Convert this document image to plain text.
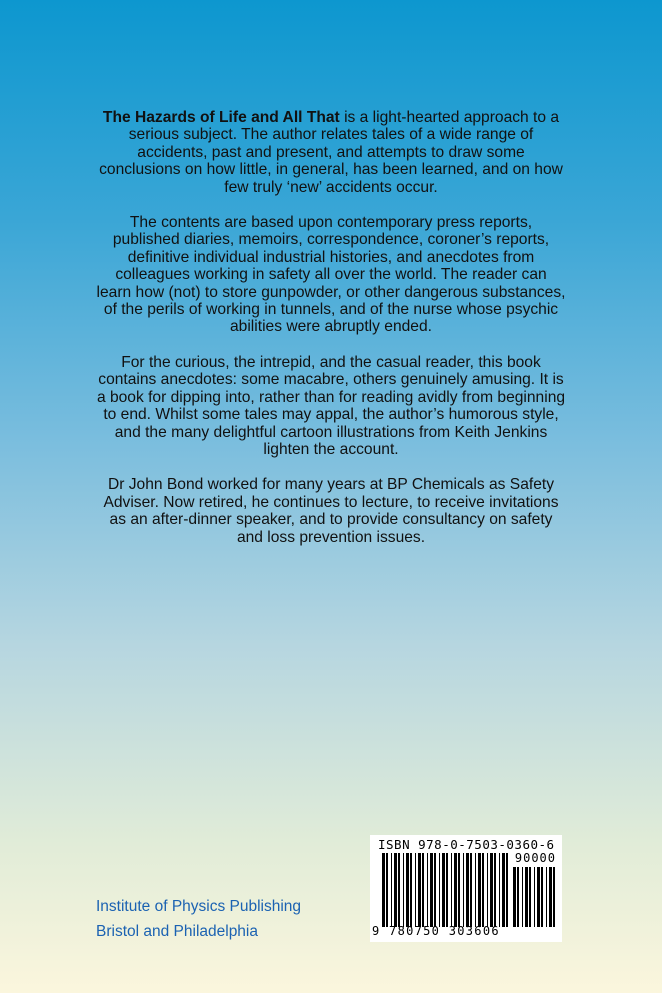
The Hazards of Life and All That is a light-hearted approach to a serious subject. The author relates tales of a wide range of accidents, past and present, and attempts to draw some conclusions on how little, in general, has been learned, and on how few truly ‘new’ accidents occur.

The contents are based upon contemporary press reports, published diaries, memoirs, correspondence, coroner’s reports, definitive individual industrial histories, and anecdotes from colleagues working in safety all over the world. The reader can learn how (not) to store gunpowder, or other dangerous substances, of the perils of working in tunnels, and of the nurse whose psychic abilities were abruptly ended.

For the curious, the intrepid, and the casual reader, this book contains anecdotes: some macabre, others genuinely amusing. It is a book for dipping into, rather than for reading avidly from beginning to end. Whilst some tales may appal, the author’s humorous style, and the many delightful cartoon illustrations from Keith Jenkins lighten the account.

Dr John Bond worked for many years at BP Chemicals as Safety Adviser. Now retired, he continues to lecture, to receive invitations as an after-dinner speaker, and to provide consultancy on safety and loss prevention issues.

Institute of Physics Publishing
Bristol and Philadelphia
ISBN 978-0-7503-0360-6
90000
9 780750 303606
